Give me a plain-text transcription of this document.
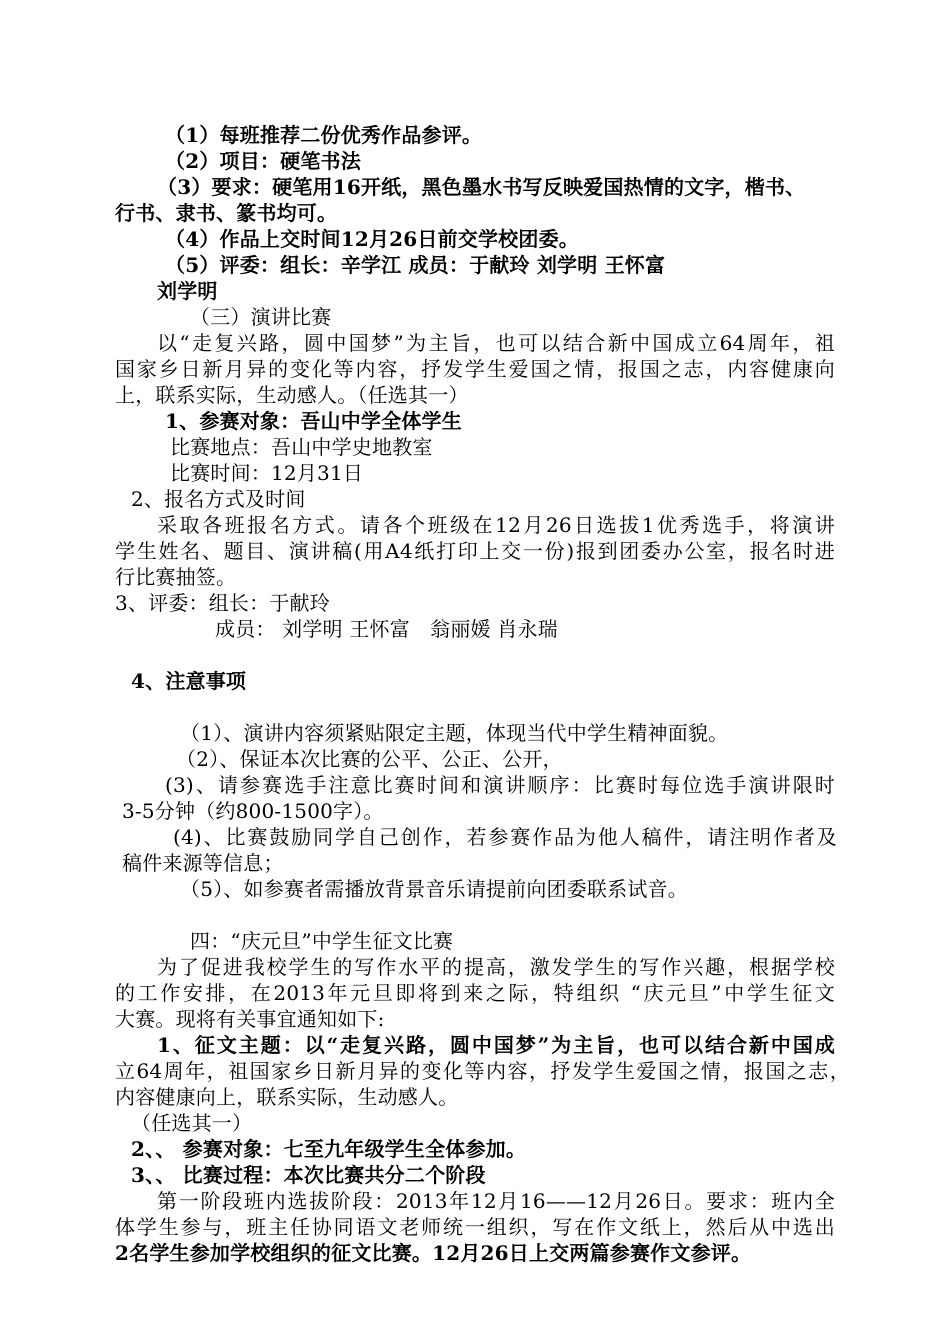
（1）每班推荐二份优秀作品参评。
（2）项目：硬笔书法
（3）要求：硬笔用16开纸，黑色墨水书写反映爱国热情的文字，楷书、
行书、隶书、篆书均可。
（4）作品上交时间12月26日前交学校团委。
（5）评委：组长：辛学江 成员：于献玲 刘学明 王怀富
刘学明
（三）演讲比赛
以“走复兴路，圆中国梦”为主旨，也可以结合新中国成立64周年，祖
国家乡日新月异的变化等内容，抒发学生爱国之情，报国之志，内容健康向
上，联系实际，生动感人。（任选其一）
1、参赛对象：吾山中学全体学生
比赛地点：吾山中学史地教室
比赛时间：12月31日
2、报名方式及时间
采取各班报名方式。请各个班级在12月26日选拔1优秀选手，将演讲
学生姓名、题目、演讲稿(用A4纸打印上交一份)报到团委办公室，报名时进
行比赛抽签。
3、评委：组长：于献玲
成员： 刘学明 王怀富　翁丽媛 肖永瑞
4、注意事项
（1）、演讲内容须紧贴限定主题，体现当代中学生精神面貌。
（2）、保证本次比赛的公平、公正、公开，
(3)、请参赛选手注意比赛时间和演讲顺序：比赛时每位选手演讲限时
3-5分钟（约800-1500字）。
(4)、比赛鼓励同学自己创作，若参赛作品为他人稿件，请注明作者及
稿件来源等信息；
（5）、如参赛者需播放背景音乐请提前向团委联系试音。
四：“庆元旦”中学生征文比赛
为了促进我校学生的写作水平的提高，激发学生的写作兴趣，根据学校
的工作安排，在2013年元旦即将到来之际，特组织 “庆元旦”中学生征文
大赛。现将有关事宜通知如下:
1、征文主题：以“走复兴路，圆中国梦”为主旨，也可以结合新中国成
立64周年，祖国家乡日新月异的变化等内容，抒发学生爱国之情，报国之志，
内容健康向上，联系实际，生动感人。
（任选其一）
2、、 参赛对象：七至九年级学生全体参加。
3、、 比赛过程：本次比赛共分二个阶段
第一阶段班内选拔阶段：2013年12月16——12月26日。要求：班内全
体学生参与，班主任协同语文老师统一组织，写在作文纸上，然后从中选出
2名学生参加学校组织的征文比赛。12月26日上交两篇参赛作文参评。
